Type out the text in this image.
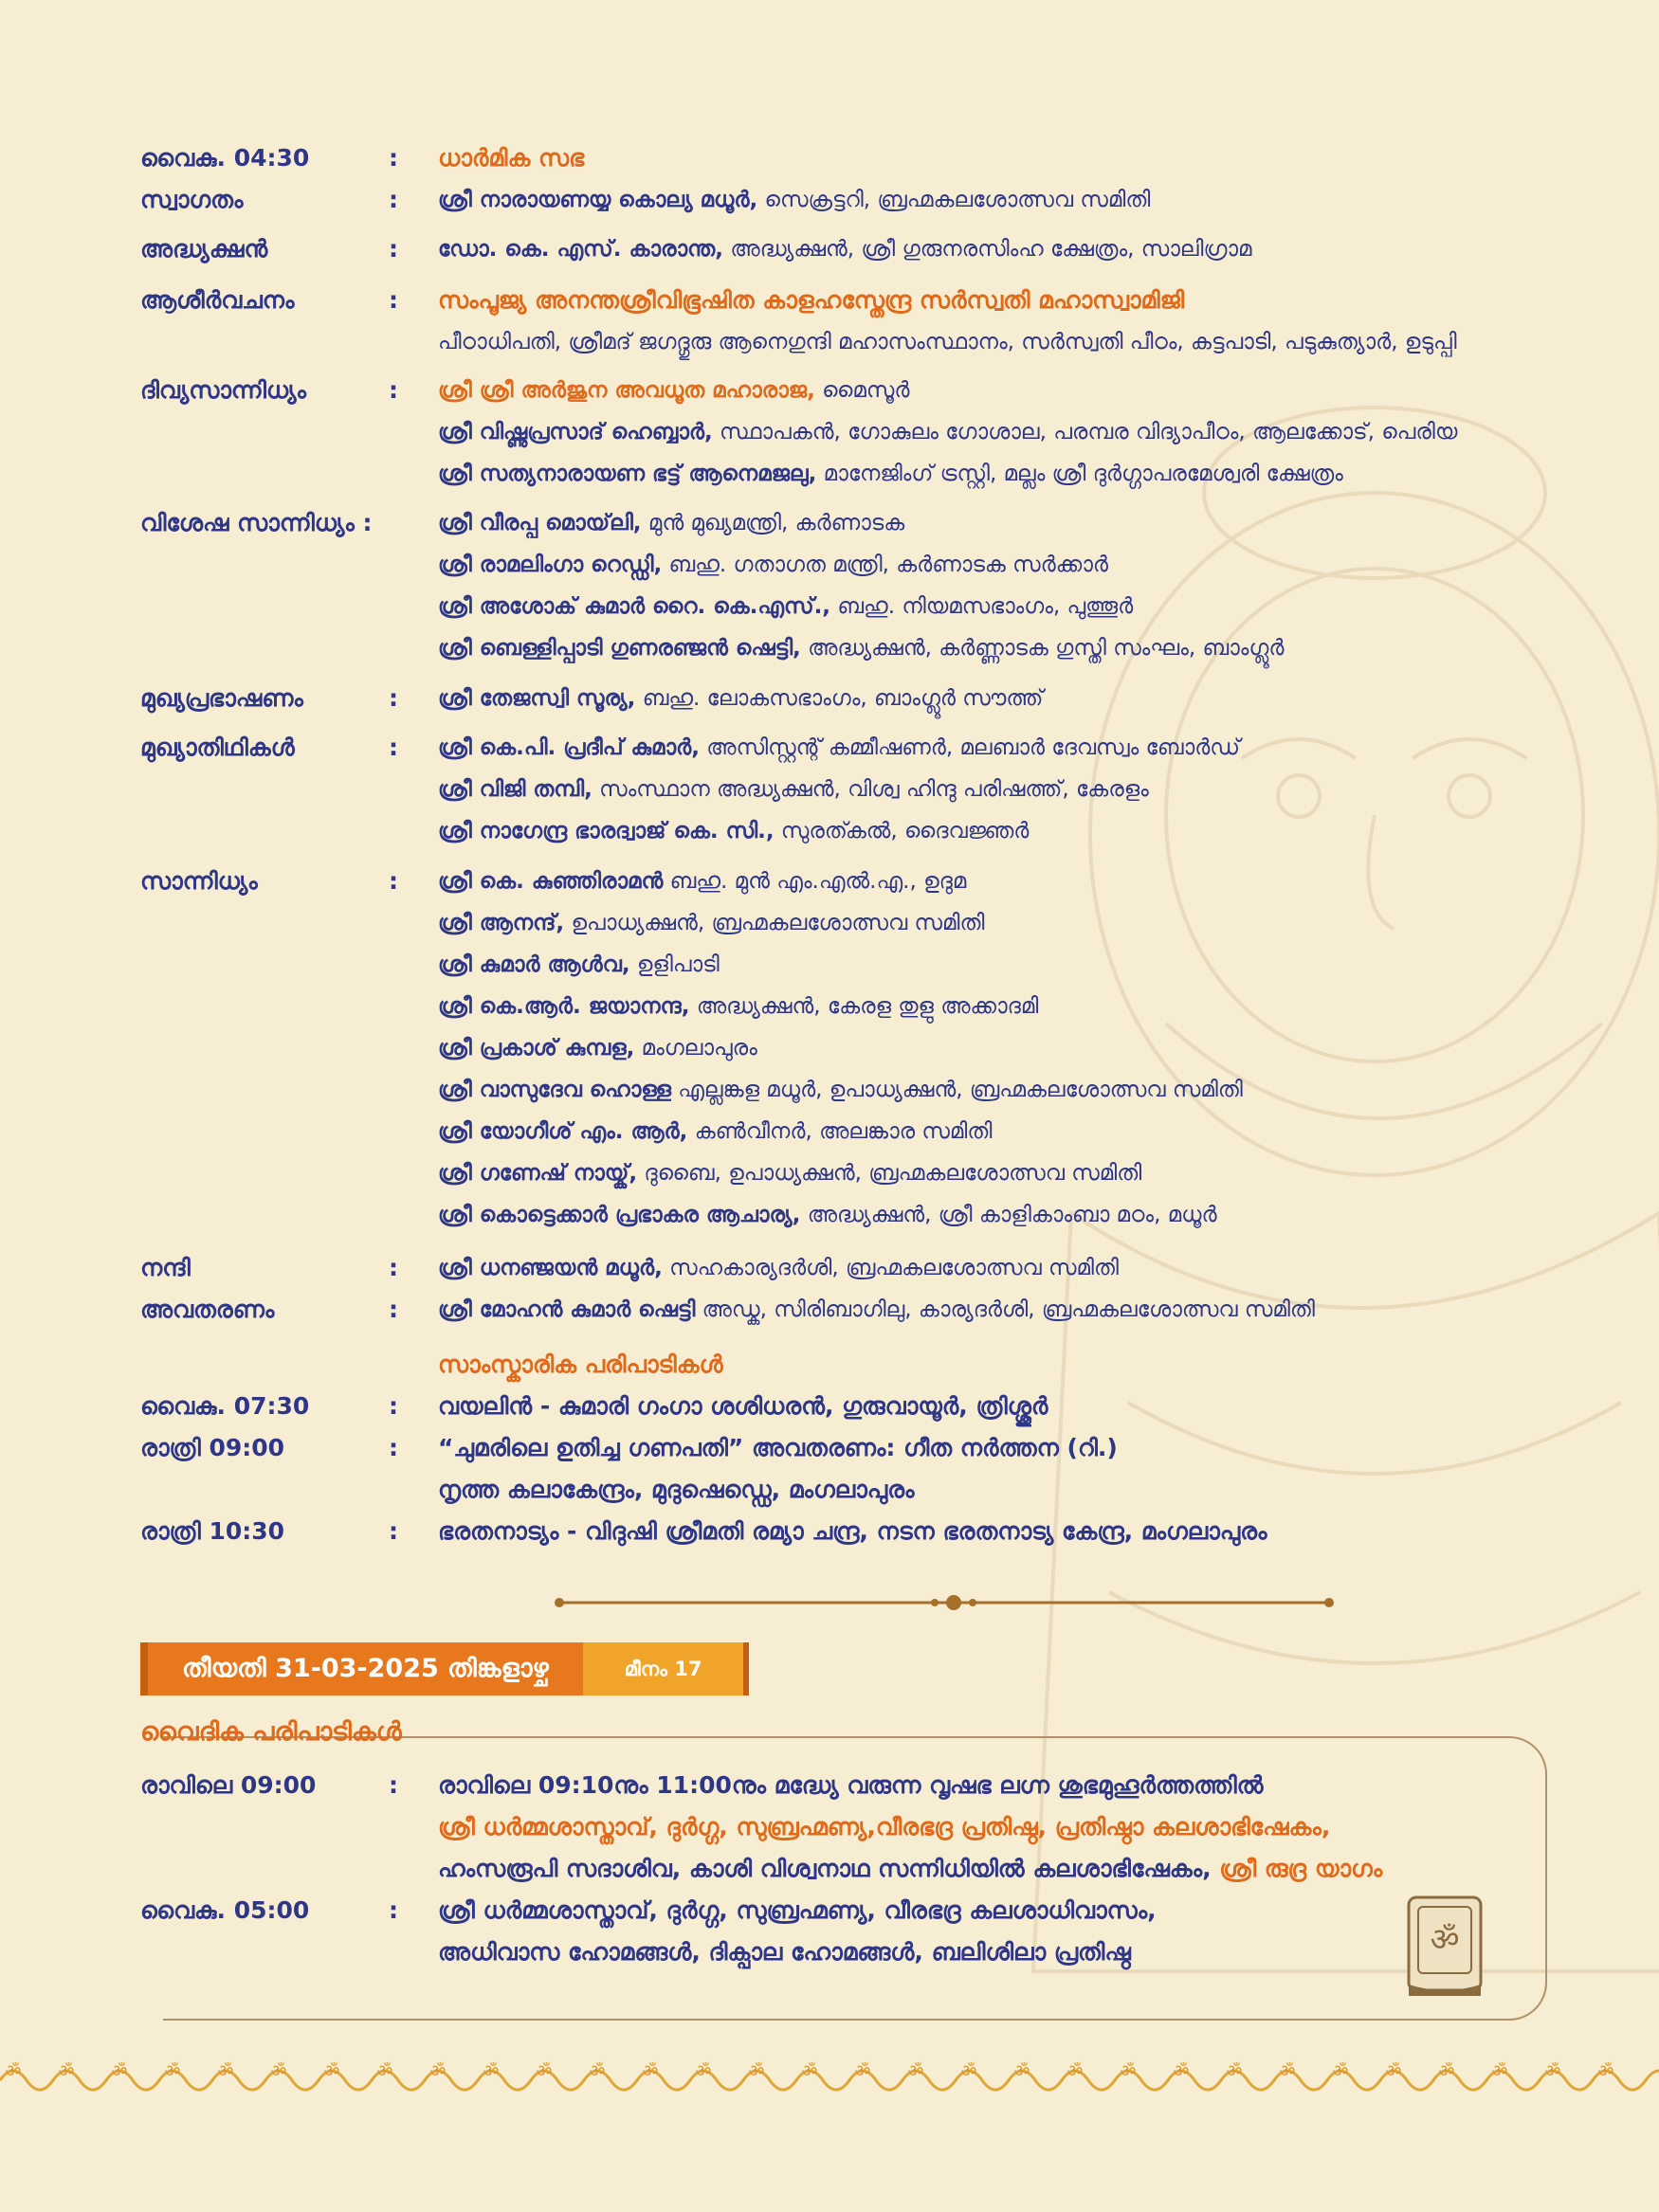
വൈകു. 04:30	:	ധാർമിക സഭ
സ്വാഗതം	:	ശ്രീ നാരായണയ്യ കൊല്യ മധൂർ, സെക്രട്ടറി, ബ്രഹ്മകലശോത്സവ സമിതി
അദ്ധ്യക്ഷൻ	:	ഡോ. കെ. എസ്. കാരാന്ത, അദ്ധ്യക്ഷൻ, ശ്രീ ഗുരുനരസിംഹ ക്ഷേത്രം, സാലിഗ്രാമ
ആശീർവചനം	:	സംപൂജ്യ അനന്തശ്രീവിഭൂഷിത കാളഹസ്തേന്ദ്ര സർസ്വതി മഹാസ്വാമിജി
പീഠാധിപതി, ശ്രീമദ് ജഗദ്ഗുരു ആനെഗുന്ദി മഹാസംസ്ഥാനം, സർസ്വതി പീഠം, കട്ടപാടി, പടുകുത്യാർ, ഉടുപ്പി
ദിവ്യസാന്നിധ്യം	:	ശ്രീ ശ്രീ അർജുന അവധൂത മഹാരാജ, മൈസൂർ
ശ്രീ വിഷ്ണുപ്രസാദ് ഹെബ്ബാർ, സ്ഥാപകൻ, ഗോകുലം ഗോശാല, പരമ്പര വിദ്യാപീഠം, ആലക്കോട്, പെരിയ
ശ്രീ സത്യനാരായണ ഭട്ട് ആനെമജലു, മാനേജിംഗ് ട്രസ്റ്റി, മല്ലം ശ്രീ ദുർഗ്ഗാപരമേശ്വരി ക്ഷേത്രം
വിശേഷ സാന്നിധ്യം :	ശ്രീ വീരപ്പ മൊയ്‌ലി, മുൻ മുഖ്യമന്ത്രി, കർണാടക
ശ്രീ രാമലിംഗാ റെഡ്ഡി, ബഹു. ഗതാഗത മന്ത്രി, കർണാടക സർക്കാർ
ശ്രീ അശോക് കുമാർ റൈ. കെ.എസ്., ബഹു. നിയമസഭാംഗം, പുത്തൂർ
ശ്രീ ബെള്ളിപ്പാടി ഗുണരഞ്ജൻ ഷെട്ടി, അദ്ധ്യക്ഷൻ, കർണ്ണാടക ഗുസ്തി സംഘം, ബാംഗ്ലൂർ
മുഖ്യപ്രഭാഷണം	:	ശ്രീ തേജസ്വി സൂര്യ, ബഹു. ലോകസഭാംഗം, ബാംഗ്ലൂർ സൗത്ത്
മുഖ്യാതിഥികൾ	:	ശ്രീ കെ.പി. പ്രദീപ് കുമാർ, അസിസ്റ്റന്റ് കമ്മീഷണർ, മലബാർ ദേവസ്വം ബോർഡ്
ശ്രീ വിജി തമ്പി, സംസ്ഥാന അദ്ധ്യക്ഷൻ, വിശ്വ ഹിന്ദു പരിഷത്ത്, കേരളം
ശ്രീ നാഗേന്ദ്ര ഭാരദ്വാജ് കെ. സി., സുരത്കൽ, ദൈവജ്ഞർ
സാന്നിധ്യം	:	ശ്രീ കെ. കുഞ്ഞിരാമൻ ബഹു. മുൻ എം.എൽ.എ., ഉദുമ
ശ്രീ ആനന്ദ്, ഉപാധ്യക്ഷൻ, ബ്രഹ്മകലശോത്സവ സമിതി
ശ്രീ കുമാർ ആൾവ, ഉളിപാടി
ശ്രീ കെ.ആർ. ജയാനന്ദ, അദ്ധ്യക്ഷൻ, കേരള തുളു അക്കാദമി
ശ്രീ പ്രകാശ് കുമ്പള, മംഗലാപുരം
ശ്രീ വാസുദേവ ഹൊള്ള എല്ലങ്കള മധൂർ, ഉപാധ്യക്ഷൻ, ബ്രഹ്മകലശോത്സവ സമിതി
ശ്രീ യോഗീശ് എം. ആർ, കൺവീനർ, അലങ്കാര സമിതി
ശ്രീ ഗണേഷ് നായ്ക്, ദുബൈ, ഉപാധ്യക്ഷൻ, ബ്രഹ്മകലശോത്സവ സമിതി
ശ്രീ കൊട്ടെക്കാർ പ്രഭാകര ആചാര്യ, അദ്ധ്യക്ഷൻ, ശ്രീ കാളികാംബാ മഠം, മധൂർ
നന്ദി	:	ശ്രീ ധനഞ്ജയൻ മധൂർ, സഹകാര്യദർശി, ബ്രഹ്മകലശോത്സവ സമിതി
അവതരണം	:	ശ്രീ മോഹൻ കുമാർ ഷെട്ടി അഡ്ക, സിരിബാഗിലു, കാര്യദർശി, ബ്രഹ്മകലശോത്സവ സമിതി
സാംസ്കാരിക പരിപാടികൾ
വൈകു. 07:30	:	വയലിൻ - കുമാരി ഗംഗാ ശശിധരൻ, ഗുരുവായൂർ, ത്രിശ്ശൂർ
രാത്രി 09:00	:	“ചുമരിലെ ഉതിച്ച ഗണപതി” അവതരണം: ഗീത നർത്തന (റി.)
നൃത്ത കലാകേന്ദ്രം, മുദുഷെഡ്ഡെ, മംഗലാപുരം
രാത്രി 10:30	:	ഭരതനാട്യം - വിദുഷി ശ്രീമതി രമ്യാ ചന്ദ്ര, നടന ഭരതനാട്യ കേന്ദ്ര, മംഗലാപുരം
തീയതി 31-03-2025 തിങ്കളാഴ്ച	മീനം 17
വൈദിക പരിപാടികൾ
രാവിലെ 09:00	:	രാവിലെ 09:10നും 11:00നും മദ്ധ്യേ വരുന്ന വൃഷഭ ലഗ്ന ശുഭമുഹൂർത്തത്തിൽ
ശ്രീ ധർമ്മശാസ്താവ്, ദുർഗ്ഗ, സുബ്രഹ്മണ്യ,വീരഭദ്ര പ്രതിഷ്ഠ, പ്രതിഷ്ഠാ കലശാഭിഷേകം,
ഹംസരൂപി സദാശിവ, കാശി വിശ്വനാഥ സന്നിധിയിൽ കലശാഭിഷേകം, ശ്രീ രുദ്ര യാഗം
വൈകു. 05:00	:	ശ്രീ ധർമ്മശാസ്താവ്, ദുർഗ്ഗ, സുബ്രഹ്മണ്യ, വീരഭദ്ര കലശാധിവാസം,
അധിവാസ ഹോമങ്ങൾ, ദിക്പാല ഹോമങ്ങൾ, ബലിശിലാ പ്രതിഷ്ഠ	ॐ
ॐ ॐ ॐ ॐ ॐ ॐ ॐ ॐ ॐ ॐ ॐ ॐ ॐ ॐ ॐ ॐ ॐ ॐ ॐ ॐ ॐ ॐ ॐ ॐ ॐ ॐ ॐ ॐ ॐ ॐ ॐ
